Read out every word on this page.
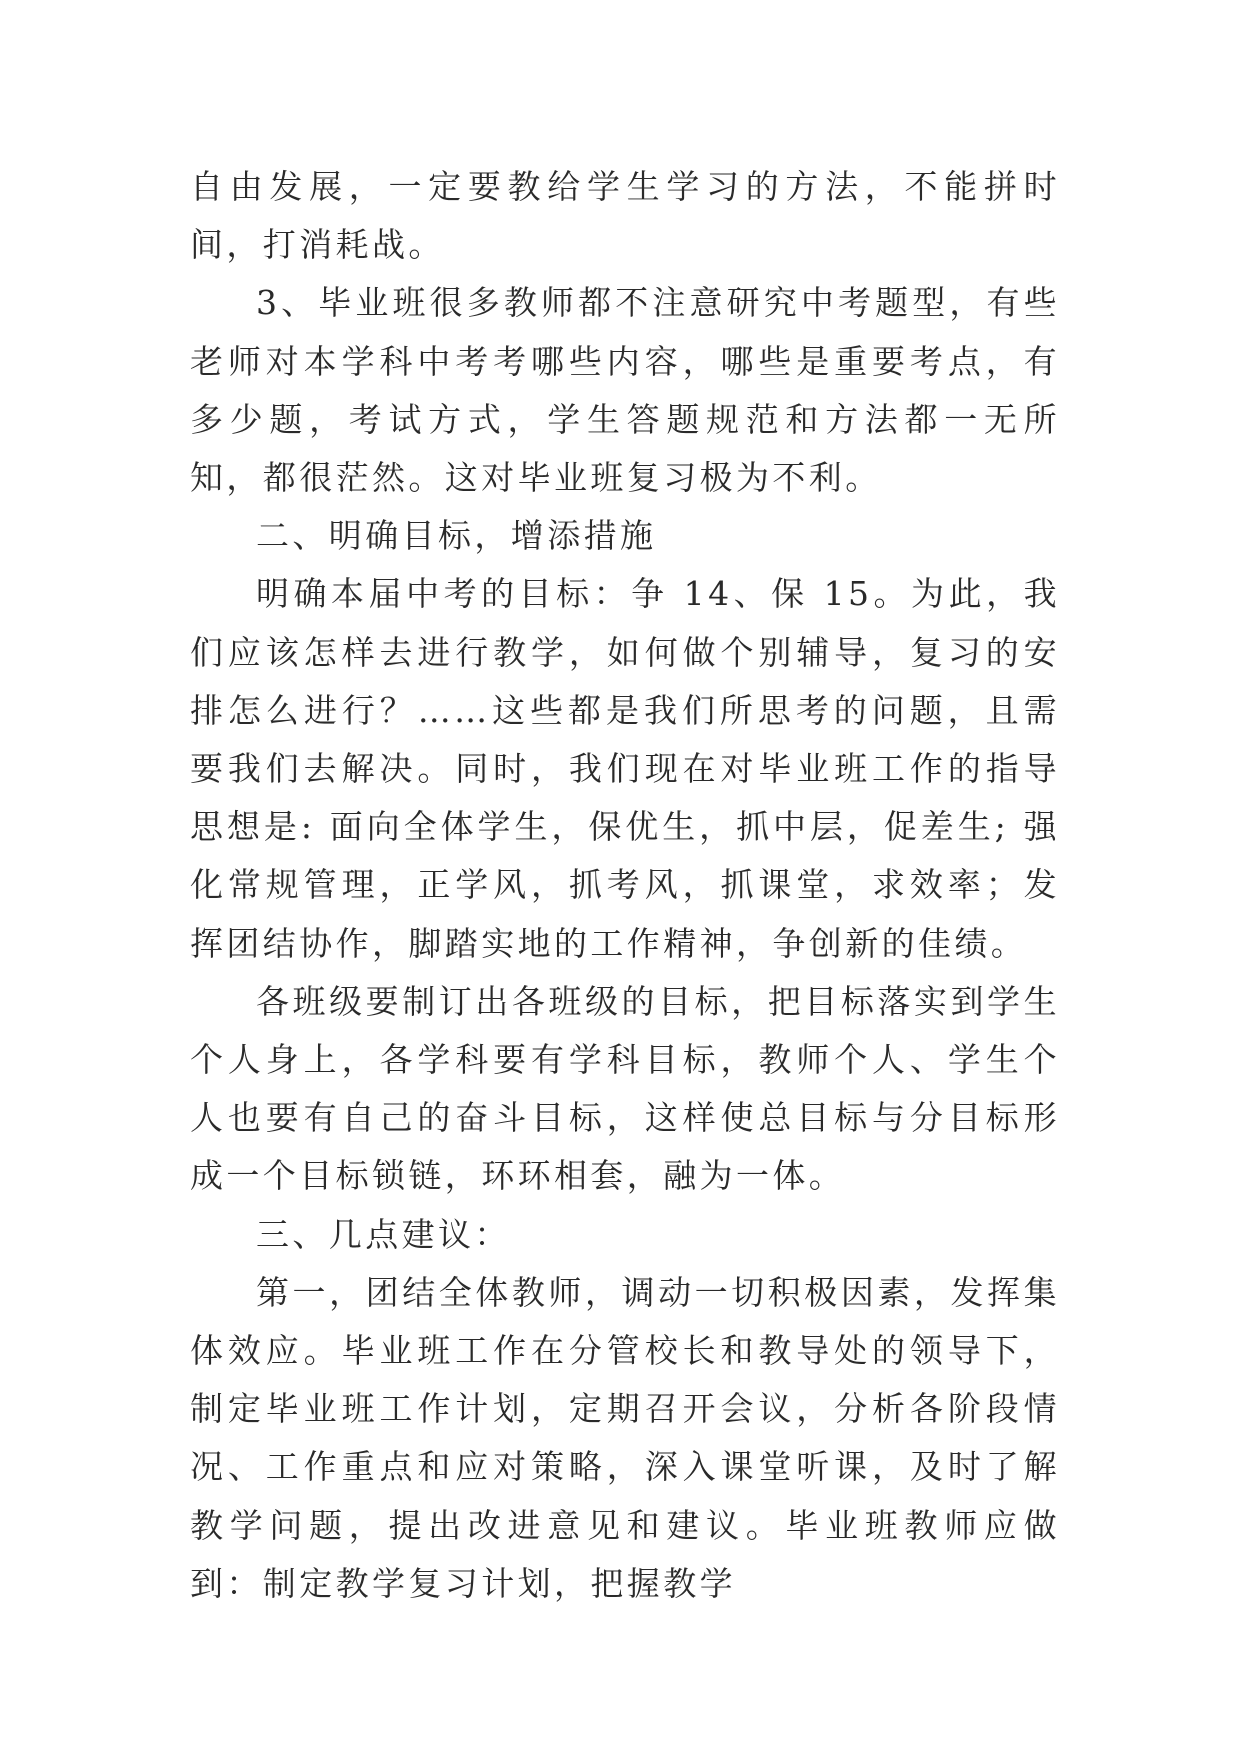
自由发展，一定要教给学生学习的方法，不能拼时间，打消耗战。

3、毕业班很多教师都不注意研究中考题型，有些老师对本学科中考考哪些内容，哪些是重要考点，有多少题，考试方式，学生答题规范和方法都一无所知，都很茫然。这对毕业班复习极为不利。

二、明确目标，增添措施

明确本届中考的目标：争 14、保 15。为此，我们应该怎样去进行教学，如何做个别辅导，复习的安排怎么进行？……这些都是我们所思考的问题，且需要我们去解决。同时，我们现在对毕业班工作的指导思想是: 面向全体学生，保优生，抓中层，促差生; 强化常规管理，正学风，抓考风，抓课堂，求效率；发挥团结协作，脚踏实地的工作精神，争创新的佳绩。

各班级要制订出各班级的目标，把目标落实到学生个人身上，各学科要有学科目标，教师个人、学生个人也要有自己的奋斗目标，这样使总目标与分目标形成一个目标锁链，环环相套，融为一体。

三、几点建议：

第一，团结全体教师，调动一切积极因素，发挥集体效应。毕业班工作在分管校长和教导处的领导下，制定毕业班工作计划，定期召开会议，分析各阶段情况、工作重点和应对策略，深入课堂听课，及时了解教学问题，提出改进意见和建议。毕业班教师应做到：制定教学复习计划，把握教学
